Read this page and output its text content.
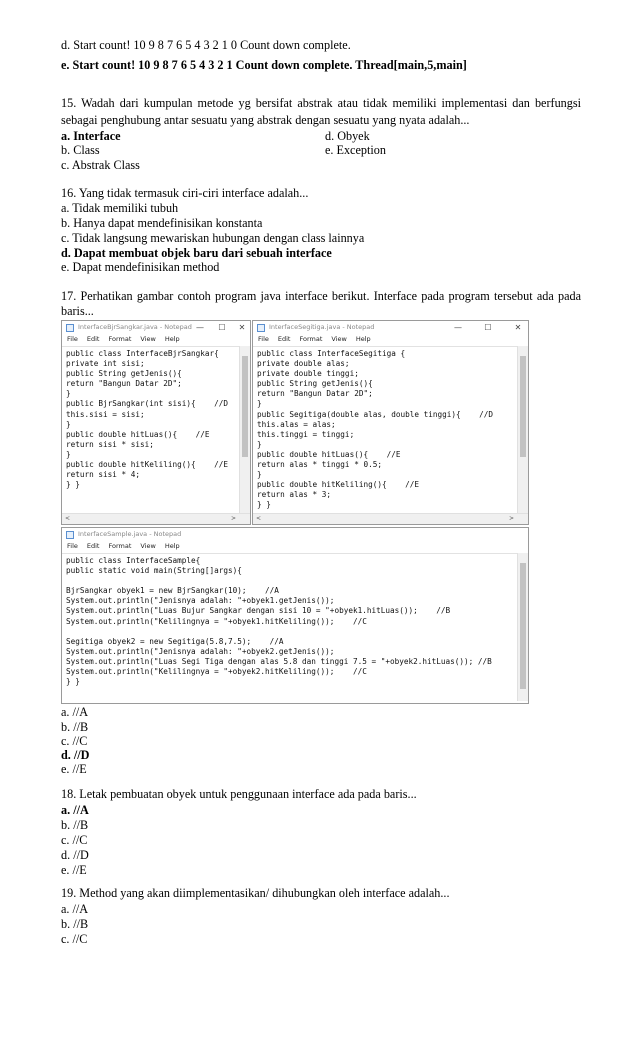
d. Start count! 10 9 8 7 6 5 4 3 2 1 0 Count down complete.
e. Start count! 10 9 8 7 6 5 4 3 2 1 Count down complete. Thread[main,5,main]
15. Wadah dari kumpulan metode yg bersifat abstrak atau tidak memiliki implementasi dan berfungsi sebagai penghubung antar sesuatu yang abstrak dengan sesuatu yang nyata adalah...
a. Interface
b. Class
c. Abstrak Class
d. Obyek
e. Exception
16. Yang tidak termasuk ciri-ciri interface adalah...
a. Tidak memiliki tubuh
b. Hanya dapat mendefinisikan konstanta
c. Tidak langsung mewariskan hubungan dengan class lainnya
d. Dapat membuat objek baru dari sebuah interface
e. Dapat mendefinisikan method
17. Perhatikan gambar contoh program java interface berikut. Interface pada program tersebut ada pada baris...
InterfaceBjrSangkar.java - Notepad —	☐	✕
File Edit Format View Help
public class InterfaceBjrSangkar{
private int sisi;
public String getJenis(){
return "Bangun Datar 2D";
}
public BjrSangkar(int sisi){    //D
this.sisi = sisi;
}
public double hitLuas(){    //E
return sisi * sisi;
}
public double hitKeliling(){    //E
return sisi * 4;
} }
<	>
InterfaceSegitiga.java - Notepad	—	☐	✕
File Edit Format View Help
public class InterfaceSegitiga {
private double alas;
private double tinggi;
public String getJenis(){
return "Bangun Datar 2D";
}
public Segitiga(double alas, double tinggi){    //D
this.alas = alas;
this.tinggi = tinggi;
}
public double hitLuas(){    //E
return alas * tinggi * 0.5;
}
public double hitKeliling(){    //E
return alas * 3;
} }
<	>
InterfaceSample.java - Notepad
File Edit Format View Help
public class InterfaceSample{
public static void main(String[]args){

BjrSangkar obyek1 = new BjrSangkar(10);    //A
System.out.println("Jenisnya adalah: "+obyek1.getJenis());
System.out.println("Luas Bujur Sangkar dengan sisi 10 = "+obyek1.hitLuas());    //B
System.out.println("Kelilingnya = "+obyek1.hitKeliling());    //C

Segitiga obyek2 = new Segitiga(5.8,7.5);    //A
System.out.println("Jenisnya adalah: "+obyek2.getJenis());
System.out.println("Luas Segi Tiga dengan alas 5.8 dan tinggi 7.5 = "+obyek2.hitLuas()); //B
System.out.println("Kelilingnya = "+obyek2.hitKeliling());    //C
} }
a. //A
b. //B
c. //C
d. //D
e. //E
18. Letak pembuatan obyek untuk penggunaan interface ada pada baris...
a. //A
b. //B
c. //C
d. //D
e. //E
19. Method yang akan diimplementasikan/ dihubungkan oleh interface adalah...
a. //A
b. //B
c. //C
